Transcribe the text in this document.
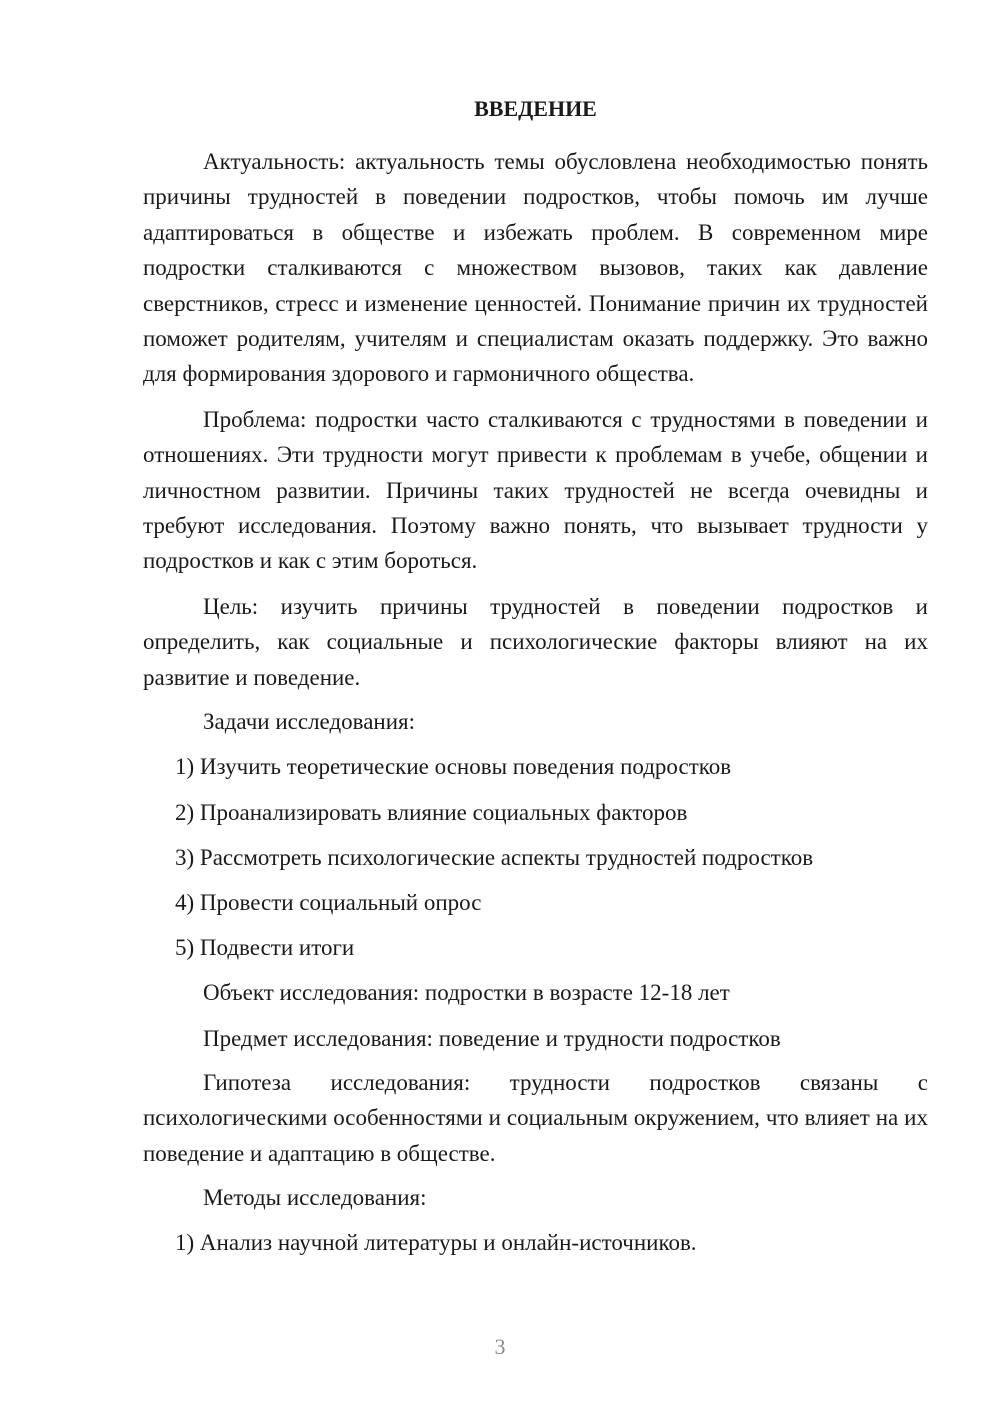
ВВЕДЕНИЕ

Актуальность: актуальность темы обусловлена необходимостью понять причины трудностей в поведении подростков, чтобы помочь им лучше адаптироваться в обществе и избежать проблем. В современном мире подростки сталкиваются с множеством вызовов, таких как давление сверстников, стресс и изменение ценностей. Понимание причин их трудностей поможет родителям, учителям и специалистам оказать поддержку. Это важно для формирования здорового и гармоничного общества.

Проблема: подростки часто сталкиваются с трудностями в поведении и отношениях. Эти трудности могут привести к проблемам в учебе, общении и личностном развитии. Причины таких трудностей не всегда очевидны и требуют исследования. Поэтому важно понять, что вызывает трудности у подростков и как с этим бороться.

Цель: изучить причины трудностей в поведении подростков и определить, как социальные и психологические факторы влияют на их развитие и поведение.

Задачи исследования:

1) Изучить теоретические основы поведения подростков

2) Проанализировать влияние социальных факторов

3) Рассмотреть психологические аспекты трудностей подростков

4) Провести социальный опрос

5) Подвести итоги

Объект исследования: подростки в возрасте 12-18 лет

Предмет исследования: поведение и трудности подростков

Гипотеза исследования: трудности подростков связаны с психологическими особенностями и социальным окружением, что влияет на их поведение и адаптацию в обществе.

Методы исследования:

1) Анализ научной литературы и онлайн-источников.

3
